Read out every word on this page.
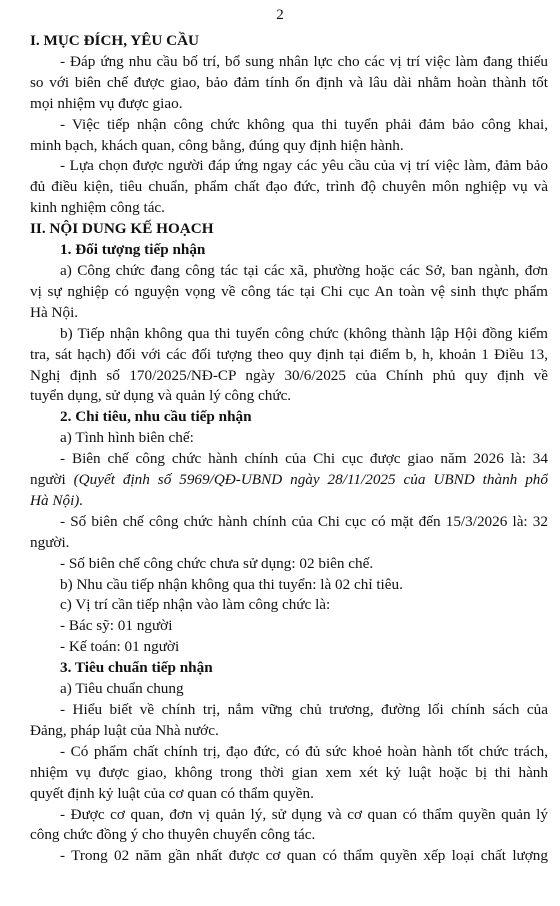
2
I. MỤC ĐÍCH, YÊU CẦU
- Đáp ứng nhu cầu bố trí, bổ sung nhân lực cho các vị trí việc làm đang thiếu
so với biên chế được giao, bảo đảm tính ổn định và lâu dài nhằm hoàn thành tốt
mọi nhiệm vụ được giao.
- Việc tiếp nhận công chức không qua thi tuyển phải đảm bảo công khai,
minh bạch, khách quan, công bằng, đúng quy định hiện hành.
- Lựa chọn được người đáp ứng ngay các yêu cầu của vị trí việc làm, đảm bảo
đủ điều kiện, tiêu chuẩn, phẩm chất đạo đức, trình độ chuyên môn nghiệp vụ và
kinh nghiệm công tác.
II. NỘI DUNG KẾ HOẠCH
1. Đối tượng tiếp nhận
a) Công chức đang công tác tại các xã, phường hoặc các Sở, ban ngành, đơn
vị sự nghiệp có nguyện vọng về công tác tại Chi cục An toàn vệ sinh thực phẩm
Hà Nội.
b) Tiếp nhận không qua thi tuyển công chức (không thành lập Hội đồng kiểm
tra, sát hạch) đối với các đối tượng theo quy định tại điểm b, h, khoản 1 Điều 13,
Nghị định số 170/2025/NĐ-CP ngày 30/6/2025 của Chính phủ quy định về
tuyển dụng, sử dụng và quản lý công chức.
2. Chỉ tiêu, nhu cầu tiếp nhận
a) Tình hình biên chế:
- Biên chế công chức hành chính của Chi cục được giao năm 2026 là: 34
người (Quyết định số 5969/QĐ-UBND ngày 28/11/2025 của UBND thành phố
Hà Nội).
- Số biên chế công chức hành chính của Chi cục có mặt đến 15/3/2026 là: 32
người.
- Số biên chế công chức chưa sử dụng: 02 biên chế.
b) Nhu cầu tiếp nhận không qua thi tuyển: là 02 chỉ tiêu.
c) Vị trí cần tiếp nhận vào làm công chức là:
- Bác sỹ: 01 người
- Kế toán: 01 người
3. Tiêu chuẩn tiếp nhận
a) Tiêu chuẩn chung
- Hiểu biết về chính trị, nắm vững chủ trương, đường lối chính sách của
Đảng, pháp luật của Nhà nước.
- Có phẩm chất chính trị, đạo đức, có đủ sức khoẻ hoàn hành tốt chức trách,
nhiệm vụ được giao, không trong thời gian xem xét kỷ luật hoặc bị thi hành
quyết định kỷ luật của cơ quan có thẩm quyền.
- Được cơ quan, đơn vị quản lý, sử dụng và cơ quan có thẩm quyền quản lý
công chức đồng ý cho thuyên chuyển công tác.
- Trong 02 năm gần nhất được cơ quan có thẩm quyền xếp loại chất lượng
